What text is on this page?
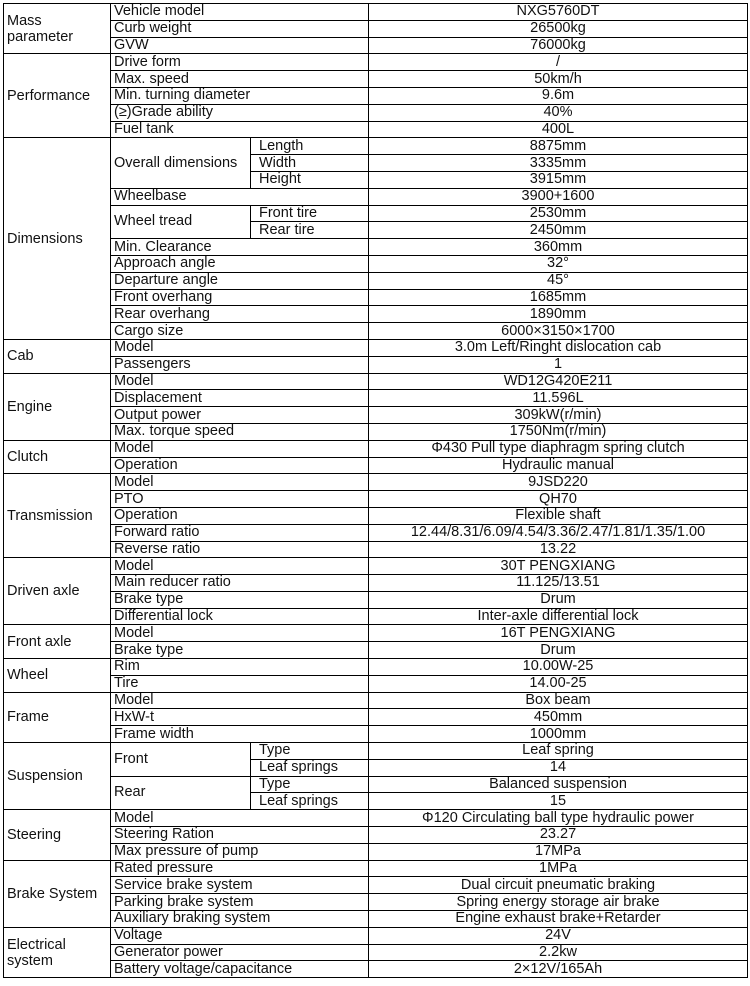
Mass parameter	Vehicle model		NXG5760DT
	Curb weight		26500kg
	GVW		76000kg
Performance	Drive form		/
	Max. speed		50km/h
	Min. turning diameter		9.6m
	(≥)Grade ability		40%
	Fuel tank		400L
Dimensions	Overall dimensions	Length	8875mm
		Width	3335mm
		Height	3915mm
	Wheelbase		3900+1600
	Wheel tread	Front tire	2530mm
		Rear tire	2450mm
	Min. Clearance		360mm
	Approach angle		32°
	Departure angle		45°
	Front overhang		1685mm
	Rear overhang		1890mm
	Cargo size		6000×3150×1700
Cab	Model		3.0m Left/Ringht dislocation cab
	Passengers		1
Engine	Model		WD12G420E211
	Displacement		11.596L
	Output power		309kW(r/min)
	Max. torque speed		1750Nm(r/min)
Clutch	Model		Φ430 Pull type diaphragm spring clutch
	Operation		Hydraulic manual
Transmission	Model		9JSD220
	PTO		QH70
	Operation		Flexible shaft
	Forward ratio		12.44/8.31/6.09/4.54/3.36/2.47/1.81/1.35/1.00
	Reverse ratio		13.22
Driven axle	Model		30T PENGXIANG
	Main reducer ratio		11.125/13.51
	Brake type		Drum
	Differential lock		Inter-axle differential lock
Front axle	Model		16T PENGXIANG
	Brake type		Drum
Wheel	Rim		10.00W-25
	Tire		14.00-25
Frame	Model		Box beam
	HxW-t		450mm
	Frame width		1000mm
Suspension	Front	Type	Leaf spring
		Leaf springs	14
	Rear	Type	Balanced suspension
		Leaf springs	15
Steering	Model		Φ120 Circulating ball type hydraulic power
	Steering Ration		23.27
	Max pressure of pump		17MPa
Brake System	Rated pressure		1MPa
	Service brake system		Dual circuit pneumatic braking
	Parking brake system		Spring energy storage air brake
	Auxiliary braking system		Engine exhaust brake+Retarder
Electrical system	Voltage		24V
	Generator power		2.2kw
	Battery voltage/capacitance		2×12V/165Ah
